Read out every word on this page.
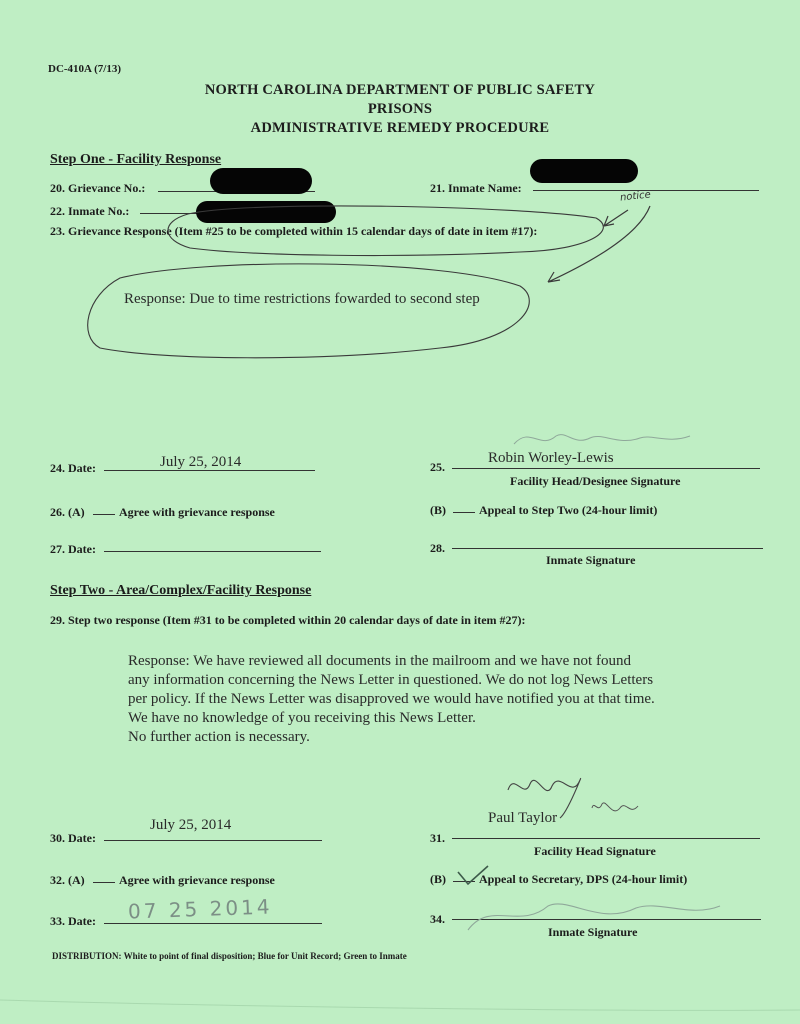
DC-410A (7/13)
NORTH CAROLINA DEPARTMENT OF PUBLIC SAFETY
PRISONS
ADMINISTRATIVE REMEDY PROCEDURE
Step One - Facility Response
20. Grievance No.:	21. Inmate Name:
22. Inmate No.:
23. Grievance Response (Item #25 to be completed within 15 calendar days of date in item #17):
notice
Response: Due to time restrictions fowarded to second step
24. Date:	July 25, 2014	25.
Robin Worley-Lewis
Facility Head/Designee Signature
26. (A)	Agree with grievance response	(B)	Appeal to Step Two (24-hour limit)
27. Date:	28.
Inmate Signature
Step Two - Area/Complex/Facility Response
29. Step two response (Item #31 to be completed within 20 calendar days of date in item #27):
Response: We have reviewed all documents in the mailroom and we have not found
any information concerning the News Letter in questioned. We do not log News Letters
per policy. If the News Letter was disapproved we would have notified you at that time.
We have no knowledge of you receiving this News Letter.
No further action is necessary.
30. Date:
July 25, 2014
31.
Paul Taylor
Facility Head Signature
32. (A)	Agree with grievance response	(B)	Appeal to Secretary, DPS (24-hour limit)
33. Date: 07 25 2014	34.
Inmate Signature
DISTRIBUTION: White to point of final disposition; Blue for Unit Record; Green to Inmate
